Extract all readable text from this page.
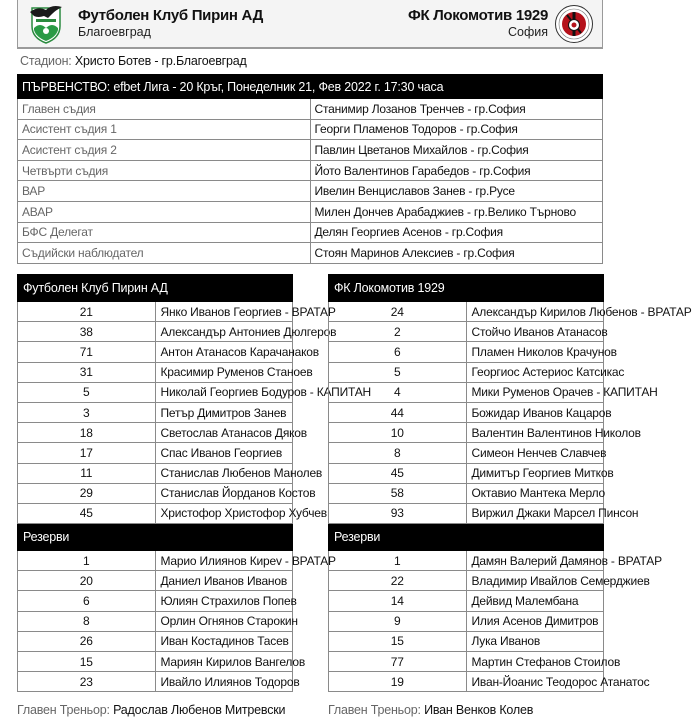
Футболен Клуб Пирин АД
Благоевград
ФК Локомотив 1929
София
Стадион: Христо Ботев - гр.Благоевград
ПЪРВЕНСТВО: efbet Лига - 20 Кръг, Понеделник 21, Фев 2022 г. 17:30 часа	
Главен съдия	Станимир Лозанов Тренчев - гр.София
Асистент съдия 1	Георги Пламенов Тодоров - гр.София
Асистент съдия 2	Павлин Цветанов Михайлов - гр.София
Четвърти съдия	Йото Валентинов Гарабедов - гр.София
ВАР	Ивелин Венциславов Занев - гр.Русе
АВАР	Милен Дончев Арабаджиев - гр.Велико Търново
БФС Делегат	Делян Георгиев Асенов - гр.София
Съдийски наблюдател	Стоян Маринов Алексиев - гр.София
Футболен Клуб Пирин АД	
21	Янко Иванов Георгиев - ВРАТАР
38	Александър Антониев Дюлгеров
71	Антон Атанасов Карачанаков
31	Красимир Руменов Станоев
5	Николай Георгиев Бодуров - КАПИТАН
3	Петър Димитров Занев
18	Светослав Атанасов Дяков
17	Спас Иванов Георгиев
11	Станислав Любенов Манолев
29	Станислав Йорданов Костов
45	Христофор Христофор Хубчев
Резерви	
1	Марио Илиянов Киреv - ВРАТАР
20	Даниел Иванов Иванов
6	Юлиян Страхилов Попев
8	Орлин Огнянов Старокин
26	Иван Костадинов Тасев
15	Мариян Кирилов Вангелов
23	Ивайло Илиянов Тодоров
ФК Локомотив 1929	
24	Александър Кирилов Любенов - ВРАТАР
2	Стойчо Иванов Атанасов
6	Пламен Николов Крачунов
5	Георгиос Астериос Катсикас
4	Мики Руменов Орачев - КАПИТАН
44	Божидар Иванов Кацаров
10	Валентин Валентинов Николов
8	Симеон Ненчев Славчев
45	Димитър Георгиев Митков
58	Октавио Мантека Мерло
93	Виржил Джаки Марсел Пинсон
Резерви	
1	Дамян Валерий Дамянов - ВРАТАР
22	Владимир Ивайлов Семерджиев
14	Дейвид Малембана
9	Илия Асенов Димитров
15	Лука Иванов
77	Мартин Стефанов Стоилов
19	Иван-Йоанис Теодорос Атанатос
Главен Треньор: Радослав Любенов Митревски	Главен Треньор: Иван Венков Колев
